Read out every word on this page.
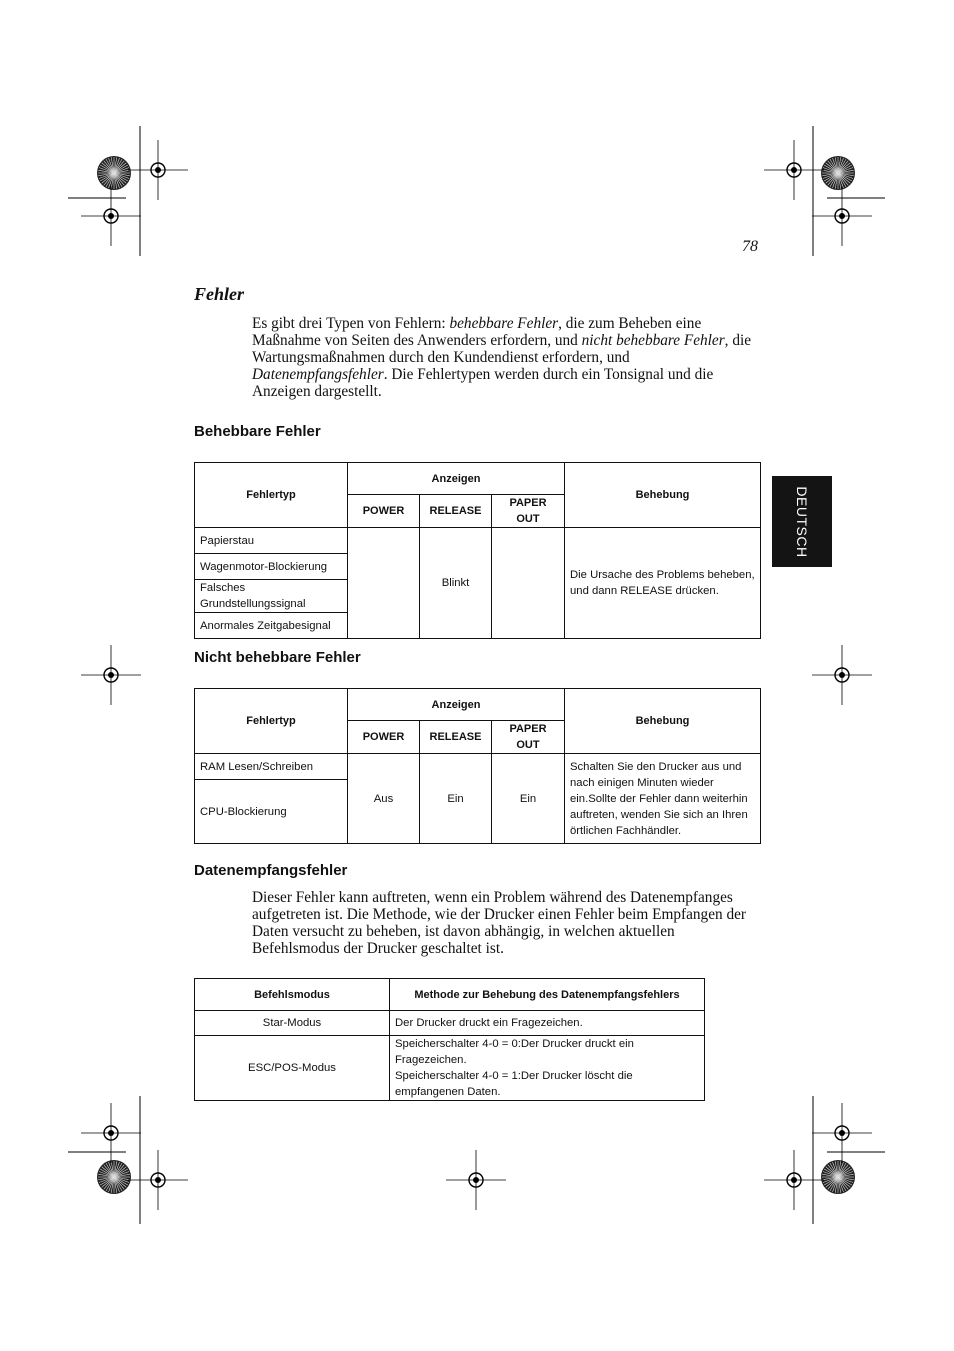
78
Fehler
Es gibt drei Typen von Fehlern: behebbare Fehler, die zum Beheben eine Maßnahme von Seiten des Anwenders erfordern, und nicht behebbare Fehler, die Wartungsmaßnahmen durch den Kundendienst erfordern, und Datenempfangsfehler. Die Fehlertypen werden durch ein Tonsignal und die Anzeigen dargestellt.
Behebbare Fehler
Fehlertyp	Anzeigen			Behebung
	POWER	RELEASE	PAPER OUT	
Papierstau		Blinkt		Die Ursache des Problems beheben, und dann RELEASE drücken.
Wagenmotor-Blockierung				
Falsches Grundstellungssignal				
Anormales Zeitgabesignal				
Nicht behebbare Fehler
Fehlertyp	Anzeigen			Behebung
	POWER	RELEASE	PAPER OUT	
RAM Lesen/Schreiben	Aus	Ein	Ein	Schalten Sie den Drucker aus und nach einigen Minuten wieder ein.Sollte der Fehler dann weiterhin auftreten, wenden Sie sich an Ihren örtlichen Fachhändler.
CPU-Blockierung				
Datenempfangsfehler
Dieser Fehler kann auftreten, wenn ein Problem während des Datenempfanges aufgetreten ist. Die Methode, wie der Drucker einen Fehler beim Empfangen der Daten versucht zu beheben, ist davon abhängig, in welchen aktuellen Befehlsmodus der Drucker geschaltet ist.
Befehlsmodus	Methode zur Behebung des Datenempfangsfehlers
Star-Modus	Der Drucker druckt ein Fragezeichen.

ESC/POS-Modus	Speicherschalter 4-0 = 0:Der Drucker druckt ein Fragezeichen.
Speicherschalter 4-0 = 1:Der Drucker löscht die empfangenen Daten.
DEUTSCH
